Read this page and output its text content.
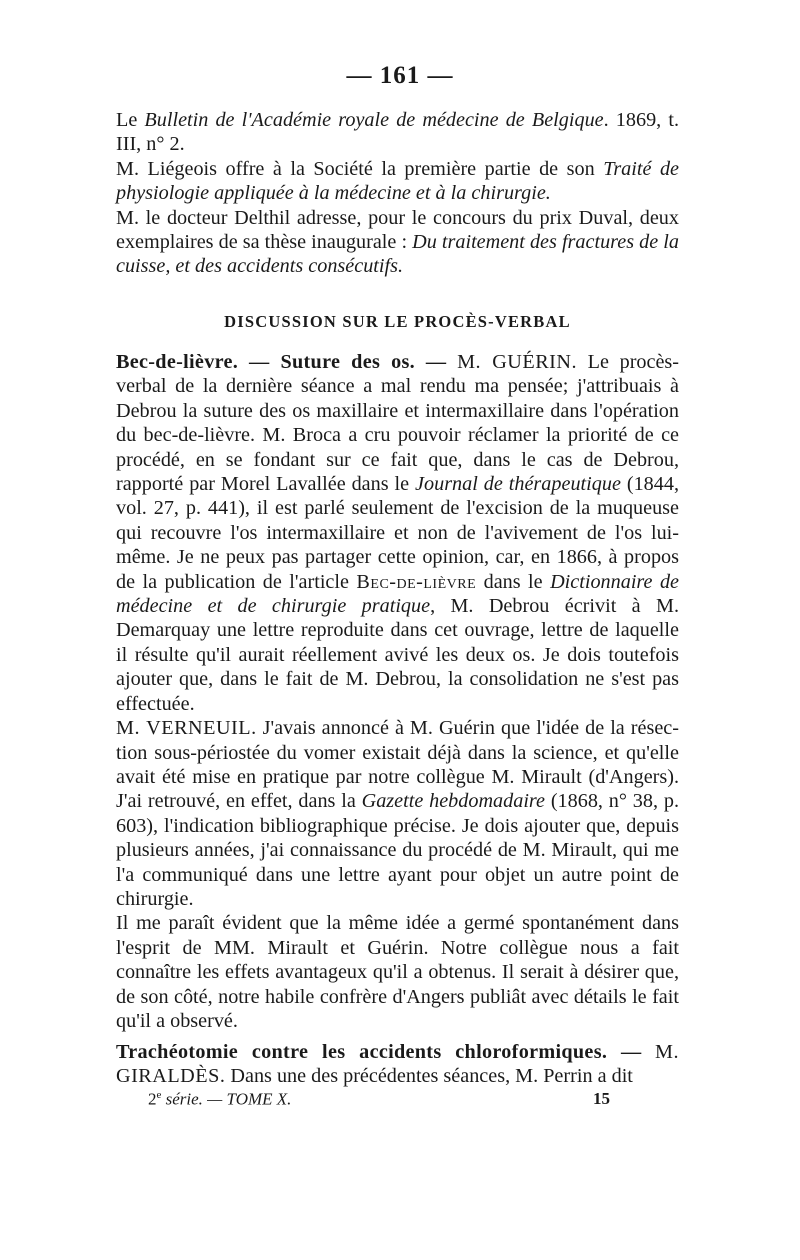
— 161 —

Le Bulletin de l'Académie royale de médecine de Belgique. 1869, t. III, n° 2.

M. Liégeois offre à la Société la première partie de son Traité de physiologie appliquée à la médecine et à la chirurgie.

M. le docteur Delthil adresse, pour le concours du prix Duval, deux exemplaires de sa thèse inaugurale : Du traitement des fractures de la cuisse, et des accidents consécutifs.

DISCUSSION SUR LE PROCÈS-VERBAL

Bec-de-lièvre. — Suture des os. — M. GUÉRIN. Le procès-verbal de la dernière séance a mal rendu ma pensée; j'attribuais à Debrou la suture des os maxillaire et intermaxillaire dans l'opération du bec-de-lièvre. M. Broca a cru pouvoir réclamer la priorité de ce procédé, en se fondant sur ce fait que, dans le cas de Debrou, rapporté par Morel Lavallée dans le Journal de thérapeutique (1844, vol. 27, p. 441), il est parlé seulement de l'excision de la muqueuse qui recouvre l'os intermaxillaire et non de l'avivement de l'os lui-même. Je ne peux pas partager cette opinion, car, en 1866, à propos de la publication de l'article Bec-de-lièvre dans le Dictionnaire de médecine et de chirurgie pratique, M. Debrou écrivit à M. Demarquay une lettre reproduite dans cet ouvrage, lettre de laquelle il résulte qu'il aurait réellement avivé les deux os. Je dois toutefois ajouter que, dans le fait de M. Debrou, la consolidation ne s'est pas effectuée.

M. VERNEUIL. J'avais annoncé à M. Guérin que l'idée de la résection sous-périostée du vomer existait déjà dans la science, et qu'elle avait été mise en pratique par notre collègue M. Mirault (d'Angers). J'ai retrouvé, en effet, dans la Gazette hebdomadaire (1868, n° 38, p. 603), l'indication bibliographique précise. Je dois ajouter que, depuis plusieurs années, j'ai connaissance du procédé de M. Mirault, qui me l'a communiqué dans une lettre ayant pour objet un autre point de chirurgie.

Il me paraît évident que la même idée a germé spontanément dans l'esprit de MM. Mirault et Guérin. Notre collègue nous a fait connaître les effets avantageux qu'il a obtenus. Il serait à désirer que, de son côté, notre habile confrère d'Angers publiât avec détails le fait qu'il a observé.

Trachéotomie contre les accidents chloroformiques. — M. GIRALDÈS. Dans une des précédentes séances, M. Perrin a dit

2e série. — TOME X.	15
